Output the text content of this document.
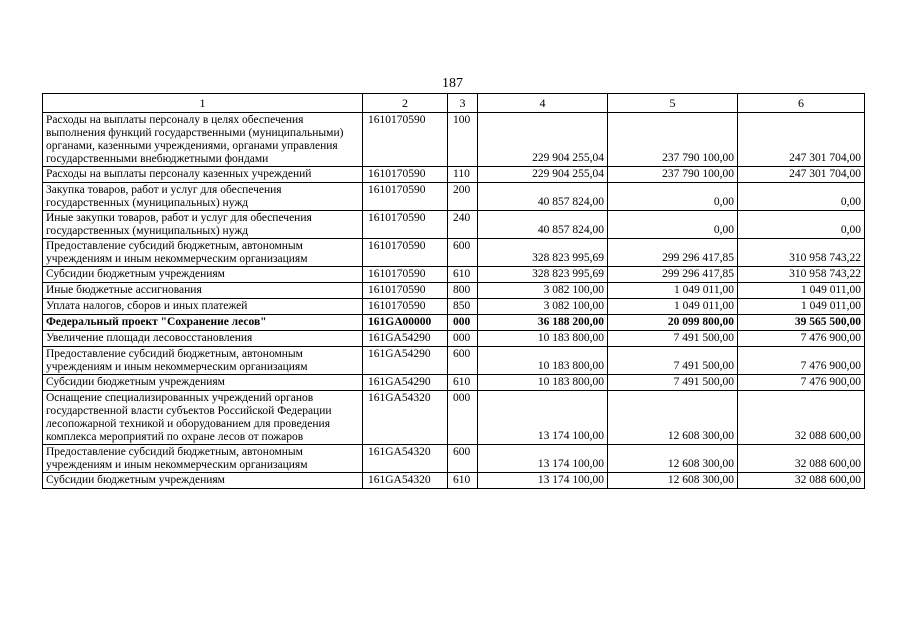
187
1	2	3	4	5	6
Расходы на выплаты персоналу в целях обеспечения выполнения функций государственными (муниципальными) органами, казенными учреждениями, органами управления государственными внебюджетными фондами	1610170590	100	229 904 255,04	237 790 100,00	247 301 704,00
Расходы на выплаты персоналу казенных учреждений	1610170590	110	229 904 255,04	237 790 100,00	247 301 704,00
Закупка товаров, работ и услуг для обеспечения государственных (муниципальных) нужд	1610170590	200	40 857 824,00	0,00	0,00
Иные закупки товаров, работ и услуг для обеспечения государственных (муниципальных) нужд	1610170590	240	40 857 824,00	0,00	0,00
Предоставление субсидий бюджетным, автономным учреждениям и иным некоммерческим организациям	1610170590	600	328 823 995,69	299 296 417,85	310 958 743,22
Субсидии бюджетным учреждениям	1610170590	610	328 823 995,69	299 296 417,85	310 958 743,22
Иные бюджетные ассигнования	1610170590	800	3 082 100,00	1 049 011,00	1 049 011,00
Уплата налогов, сборов и иных платежей	1610170590	850	3 082 100,00	1 049 011,00	1 049 011,00
Федеральный проект "Сохранение лесов"	161GA00000	000	36 188 200,00	20 099 800,00	39 565 500,00
Увеличение площади лесовосстановления	161GA54290	000	10 183 800,00	7 491 500,00	7 476 900,00
Предоставление субсидий бюджетным, автономным учреждениям и иным некоммерческим организациям	161GA54290	600	10 183 800,00	7 491 500,00	7 476 900,00
Субсидии бюджетным учреждениям	161GA54290	610	10 183 800,00	7 491 500,00	7 476 900,00
Оснащение специализированных учреждений органов государственной власти субъектов Российской Федерации лесопожарной техникой и оборудованием для проведения комплекса мероприятий по охране лесов от пожаров	161GA54320	000	13 174 100,00	12 608 300,00	32 088 600,00
Предоставление субсидий бюджетным, автономным учреждениям и иным некоммерческим организациям	161GA54320	600	13 174 100,00	12 608 300,00	32 088 600,00
Субсидии бюджетным учреждениям	161GA54320	610	13 174 100,00	12 608 300,00	32 088 600,00
